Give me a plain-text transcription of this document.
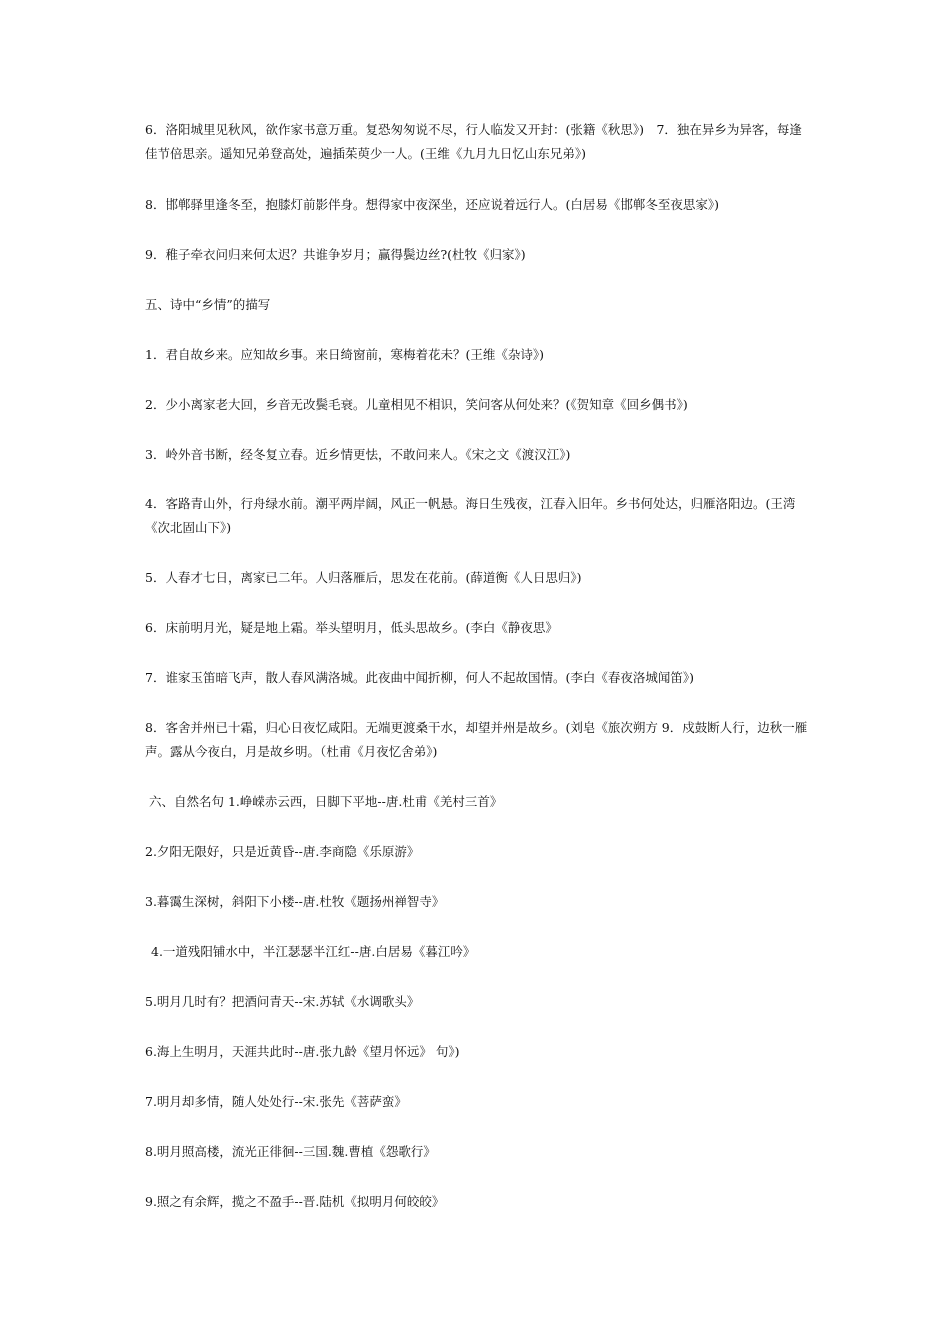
6．洛阳城里见秋风，欲作家书意万重。复恐匆匆说不尽，行人临发又开封：(张籍《秋思》)　7．独在异乡为异客，每逢佳节倍思亲。遥知兄弟登高处，遍插茱萸少一人。(王维《九月九日忆山东兄弟》)

8．邯郸驿里逢冬至，抱膝灯前影伴身。想得家中夜深坐，还应说着远行人。(白居易《邯郸冬至夜思家》)

9．稚子牵衣问归来何太迟？共谁争岁月；赢得鬓边丝?(杜牧《归家》)

五、诗中“乡情”的描写

1．君自故乡来。应知故乡事。来日绮窗前，寒梅着花未？(王维《杂诗》)

2．少小离家老大回，乡音无改鬓毛衰。儿童相见不相识，笑问客从何处来？(《贺知章《回乡偶书》)

3．岭外音书断，经冬复立春。近乡情更怯，不敢问来人。《宋之文《渡汉江》)

4．客路青山外，行舟绿水前。潮平两岸阔，风正一帆悬。海日生残夜，江春入旧年。乡书何处达，归雁洛阳边。(王湾《次北固山下》)

5．人春才七日，离家已二年。人归落雁后，思发在花前。(薛道衡《人日思归》)

6．床前明月光，疑是地上霜。举头望明月，低头思故乡。(李白《静夜思》

7．谁家玉笛暗飞声，散人春风满洛城。此夜曲中闻折柳，何人不起故国情。(李白《春夜洛城闻笛》)

8．客舍并州已十霜，归心日夜忆咸阳。无端更渡桑干水，却望并州是故乡。(刘皂《旅次朔方 9．戍鼓断人行，边秋一雁声。露从今夜白，月是故乡明。（杜甫《月夜忆舍弟》)

六、自然名句 1.峥嵘赤云西，日脚下平地--唐.杜甫《羌村三首》

2.夕阳无限好，只是近黄昏--唐.李商隐《乐原游》

3.暮霭生深树，斜阳下小楼--唐.杜牧《题扬州禅智寺》

4.一道残阳铺水中，半江瑟瑟半江红--唐.白居易《暮江吟》

5.明月几时有？把酒问青天--宋.苏轼《水调歌头》

6.海上生明月，天涯共此时--唐.张九龄《望月怀远》 句》)

7.明月却多情，随人处处行--宋.张先《菩萨蛮》

8.明月照高楼，流光正徘徊--三国.魏.曹植《怨歌行》

9.照之有余辉，揽之不盈手--晋.陆机《拟明月何皎皎》
